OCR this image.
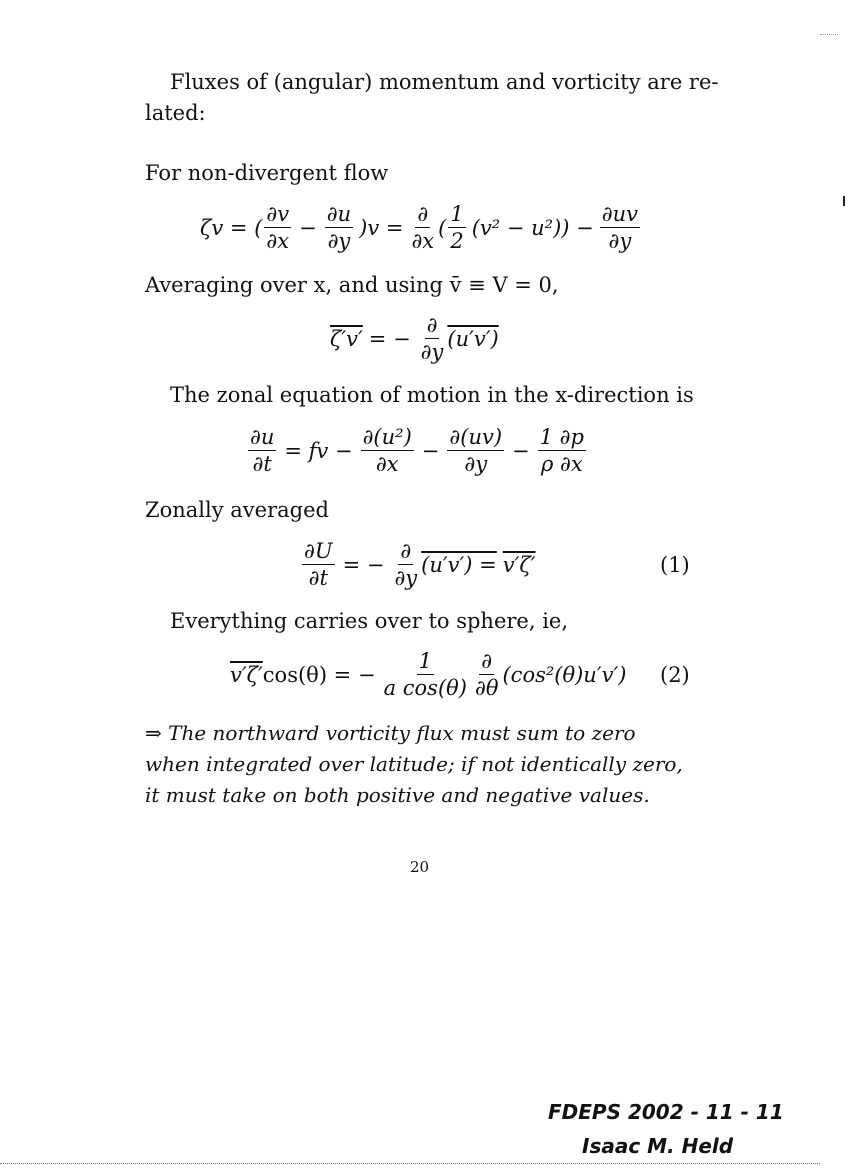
Fluxes of (angular) momentum and vorticity are re-
lated:
For non-divergent flow
ζv = ( $\frac{\partial v}{\partial x} - \frac{\partial u}{\partial y} )v = \frac{\partial}{\partial x}$ ( $\frac{1}{2} (v^2 - u^2)) - \frac{\partial uv}{\partial y}$
Averaging over x, and using v̄ ≡ V = 0,
ζ′v′ = − $\frac{\partial}{\partial y} (u'v')$
The zonal equation of motion in the x-direction is
$\frac{\partial u}{\partial t}$ = fv − $\frac{\text{∂(u²)}}{\partial x} - \frac{\partial(uv)}{\partial y} - \frac{1 \partial p}{\rho \partial x}$
Zonally averaged
$\frac{\partial U}{\partial t}$ = − $\frac{\partial}{\partial y} (u'v') = v'\zeta'$	(1)
Everything carries over to sphere, ie,
v′ζ′ cos(θ) = − $\frac{1}{\text{a cos(θ)}} \frac{\partial}{\partial\theta} (\cos^2(\theta)u'v')$ (2)
⇒ The northward vorticity flux must sum to zero
when integrated over latitude; if not identically zero,
it must take on both positive and negative values.
20
FDEPS 2002 - 11 - 11
Isaac M. Held
